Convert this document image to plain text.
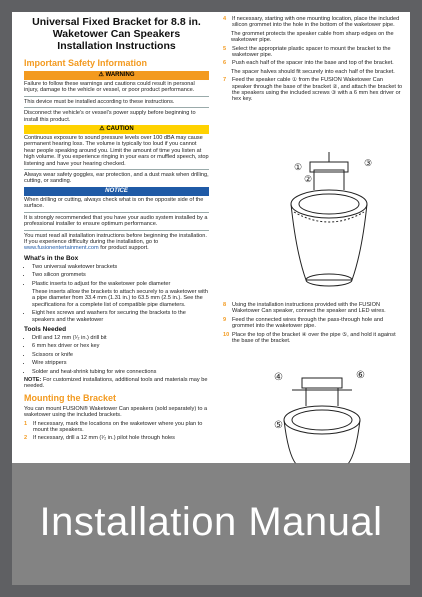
Universal Fixed Bracket for 8.8 in. Waketower Can Speakers Installation Instructions
Important Safety Information
⚠ WARNING
Failure to follow these warnings and cautions could result in personal injury, damage to the vehicle or vessel, or poor product performance.
This device must be installed according to these instructions.
Disconnect the vehicle's or vessel's power supply before beginning to install this product.
⚠ CAUTION
Continuous exposure to sound pressure levels over 100 dBA may cause permanent hearing loss. The volume is typically too loud if you cannot hear people speaking around you. Limit the amount of time you listen at high volume. If you experience ringing in your ears or muffled speech, stop listening and have your hearing checked.
Always wear safety goggles, ear protection, and a dust mask when drilling, cutting, or sanding.
NOTICE
When drilling or cutting, always check what is on the opposite side of the surface.
It is strongly recommended that you have your audio system installed by a professional installer to ensure optimum performance.
You must read all installation instructions before beginning the installation. If you experience difficulty during the installation, go to www.fusionentertainment.com for product support.
What's in the Box
• Two universal waketower brackets
• Two silicon grommets
• Plastic inserts to adjust for the waketower pole diameter
These inserts allow the brackets to attach securely to a waketower with a pipe diameter from 33.4 mm (1.31 in.) to 63.5 mm (2.5 in.). See the specifications for a complete list of compatible pipe diameters.
• Eight hex screws and washers for securing the brackets to the speakers and the waketower
Tools Needed
• Drill and 12 mm (¹⁄₂ in.) drill bit
• 6 mm hex driver or hex key
• Scissors or knife
• Wire strippers
• Solder and heat-shrink tubing for wire connections
NOTE: For customized installations, additional tools and materials may be needed.
Mounting the Bracket
You can mount FUSION® Waketower Can speakers (sold separately) to a waketower using the included brackets.
1 If necessary, mark the locations on the waketower where you plan to mount the speakers.
2 If necessary, drill a 12 mm (¹⁄₂ in.) pilot hole through holes
4 If necessary, starting with one mounting location, place the included silicon grommet into the hole in the bottom of the waketower pipe.
The grommet protects the speaker cable from sharp edges on the waketower pipe.
5 Select the appropriate plastic spacer to mount the bracket to the waketower pipe.
6 Push each half of the spacer into the base and top of the bracket.
The spacer halves should fit securely into each half of the bracket.
7 Feed the speaker cable ① from the FUSION Waketower Can speaker through the base of the bracket ②, and attach the bracket to the speakers using the included screws ③ with a 6 mm hex driver or hex key.
①
②
③
8 Using the installation instructions provided with the FUSION Waketower Can speaker, connect the speaker and LED wires.
9 Feed the connected wires through the pass-through hole and grommet into the waketower pipe.
10 Place the top of the bracket ④ over the pipe ⑤, and hold it against the base of the bracket.
④
⑤
⑥
Installation Manual
